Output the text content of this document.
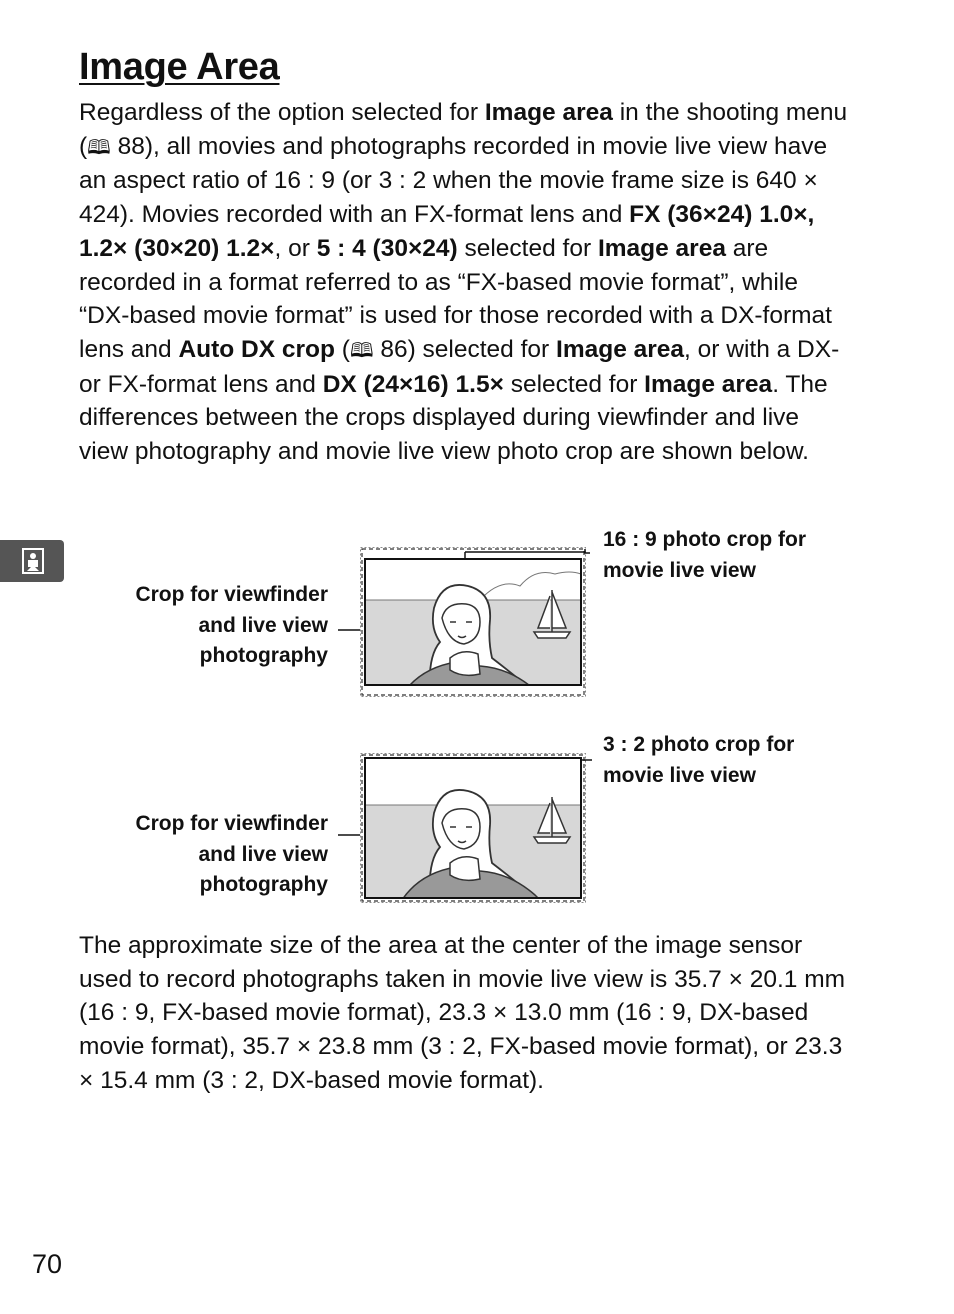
Image Area

Regardless of the option selected for Image area in the shooting menu (🕮 88), all movies and photographs recorded in movie live view have an aspect ratio of 16 : 9 (or 3 : 2 when the movie frame size is 640 × 424). Movies recorded with an FX-format lens and FX (36×24) 1.0×, 1.2× (30×20) 1.2×, or 5 : 4 (30×24) selected for Image area are recorded in a format referred to as “FX-based movie format”, while “DX-based movie format” is used for those recorded with a DX-format lens and Auto DX crop (🕮 86) selected for Image area, or with a DX- or FX-format lens and DX (24×16) 1.5× selected for Image area. The differences between the crops displayed during viewfinder and live view photography and movie live view photo crop are shown below.

16 : 9 photo crop for
movie live view
Crop for viewfinder
and live view
photography
3 : 2 photo crop for
movie live view
Crop for viewfinder
and live view
photography

The approximate size of the area at the center of the image sensor used to record photographs taken in movie live view is 35.7 × 20.1 mm (16 : 9, FX-based movie format), 23.3 × 13.0 mm (16 : 9, DX-based movie format), 35.7 × 23.8 mm (3 : 2, FX-based movie format), or 23.3 × 15.4 mm (3 : 2, DX-based movie format).

70
